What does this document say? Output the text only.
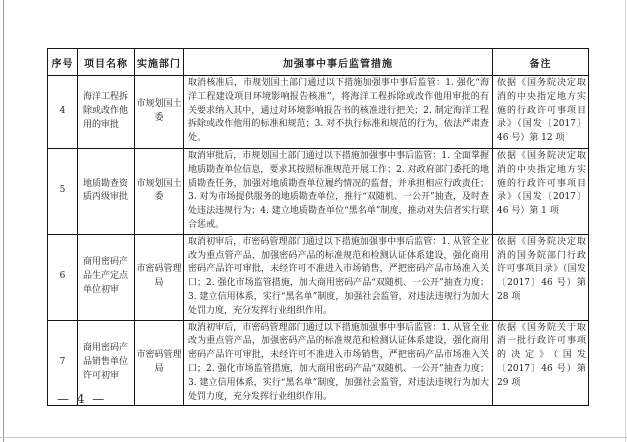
序号	项目名称	实施部门	加强事中事后监管措施	备注
4	海洋工程拆除或改作他用的审批	市规划国土委	取消核准后，市规划国土部门通过以下措施加强事中事后监管：1. 强化“海洋工程建设项目环境影响报告核准”，将海洋工程拆除或改作他用审批的有关要求纳入其中，通过对环境影响报告书的核准进行把关；2. 制定海洋工程拆除或改作他用的标准和规范；3. 对不执行标准和规范的行为，依法严肃查处。	依据《国务院决定取消的中央指定地方实施的行政许可事项目录》（国发〔2017〕46 号）第 12 项
5	地质勘查资质丙级审批	市规划国土委	取消审批后，市规划国土部门通过以下措施加强事中事后监管：1. 全面掌握地质勘查单位信息，要求其按照标准规范开展工作；2. 对政府部门委托的地质勘查任务，加强对地质勘查单位履约情况的监督，并承担相应行政责任；3. 对为市场提供服务的地质勘查单位，推行“双随机、一公开”抽查，及时查处违法违规行为；4. 建立地质勘查单位“黑名单”制度，推动对失信者实行联合惩戒。	依据《国务院决定取消的中央指定地方实施的行政许可事项目录》（国发〔2017〕46 号）第 1 项
6	商用密码产品生产定点单位初审	市密码管理局	取消初审后，市密码管理部门通过以下措施加强事中事后监管：1. 从管全业改为重点管产品，加强密码产品的标准规范和检测认证体系建设，强化商用密码产品许可审批，未经许可不准进入市场销售，严把密码产品市场准入关口；2. 强化市场监管措施，加大商用密码产品“双随机、一公开”抽查力度；3. 建立信用体系，实行“黑名单”制度，加强社会监管，对违法违规行为加大处罚力度，充分发挥行业组织作用。	依据《国务院决定取消的国务院部门行政许可事项目录》（国发〔2017〕46 号）第 28 项
7	商用密码产品销售单位许可初审	市密码管理局	取消初审后，市密码管理部门通过以下措施加强事中事后监管：1. 从管全业改为重点管产品，加强密码产品的标准规范和检测认证体系建设，强化商用密码产品许可审批，未经许可不准进入市场销售，严把密码产品市场准入关口；2. 强化市场监管措施，加大商用密码产品“双随机、一公开”抽查力度；3. 建立信用体系，实行“黑名单”制度，加强社会监管，对违法违规行为加大处罚力度，充分发挥行业组织作用。	依据《国务院关于取消一批行政许可事项的决定》（国发〔2017〕46 号）第 29 项
— 4 —
